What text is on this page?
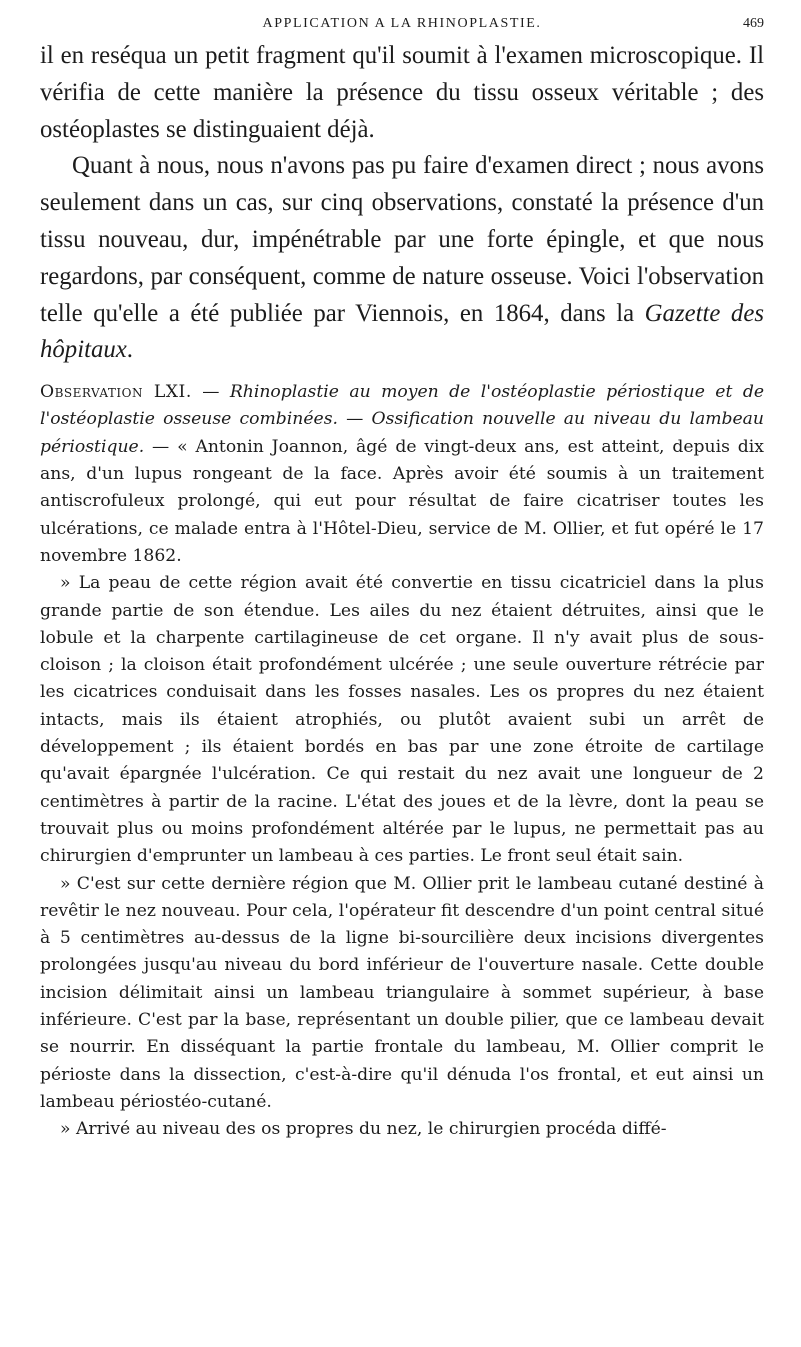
APPLICATION A LA RHINOPLASTIE.	469

il en reséqua un petit fragment qu'il soumit à l'examen microscopique. Il vérifia de cette manière la présence du tissu osseux véritable ; des ostéoplastes se distinguaient déjà.

Quant à nous, nous n'avons pas pu faire d'examen direct ; nous avons seulement dans un cas, sur cinq observations, constaté la présence d'un tissu nouveau, dur, impénétrable par une forte épingle, et que nous regardons, par conséquent, comme de nature osseuse. Voici l'observation telle qu'elle a été publiée par Viennois, en 1864, dans la Gazette des hôpitaux.

Observation LXI. — Rhinoplastie au moyen de l'ostéoplastie périostique et de l'ostéoplastie osseuse combinées. — Ossification nouvelle au niveau du lambeau périostique. — « Antonin Joannon, âgé de vingt-deux ans, est atteint, depuis dix ans, d'un lupus rongeant de la face. Après avoir été soumis à un traitement antiscrofuleux prolongé, qui eut pour résultat de faire cicatriser toutes les ulcérations, ce malade entra à l'Hôtel-Dieu, service de M. Ollier, et fut opéré le 17 novembre 1862.

» La peau de cette région avait été convertie en tissu cicatriciel dans la plus grande partie de son étendue. Les ailes du nez étaient détruites, ainsi que le lobule et la charpente cartilagineuse de cet organe. Il n'y avait plus de sous-cloison ; la cloison était profondément ulcérée ; une seule ouverture rétrécie par les cicatrices conduisait dans les fosses nasales. Les os propres du nez étaient intacts, mais ils étaient atrophiés, ou plutôt avaient subi un arrêt de développement ; ils étaient bordés en bas par une zone étroite de cartilage qu'avait épargnée l'ulcération. Ce qui restait du nez avait une longueur de 2 centimètres à partir de la racine. L'état des joues et de la lèvre, dont la peau se trouvait plus ou moins profondément altérée par le lupus, ne permettait pas au chirurgien d'emprunter un lambeau à ces parties. Le front seul était sain.

» C'est sur cette dernière région que M. Ollier prit le lambeau cutané destiné à revêtir le nez nouveau. Pour cela, l'opérateur fit descendre d'un point central situé à 5 centimètres au-dessus de la ligne bi-sourcilière deux incisions divergentes prolongées jusqu'au niveau du bord inférieur de l'ouverture nasale. Cette double incision délimitait ainsi un lambeau triangulaire à sommet supérieur, à base inférieure. C'est par la base, représentant un double pilier, que ce lambeau devait se nourrir. En disséquant la partie frontale du lambeau, M. Ollier comprit le périoste dans la dissection, c'est-à-dire qu'il dénuda l'os frontal, et eut ainsi un lambeau périostéo-cutané.

» Arrivé au niveau des os propres du nez, le chirurgien procéda diffé-
